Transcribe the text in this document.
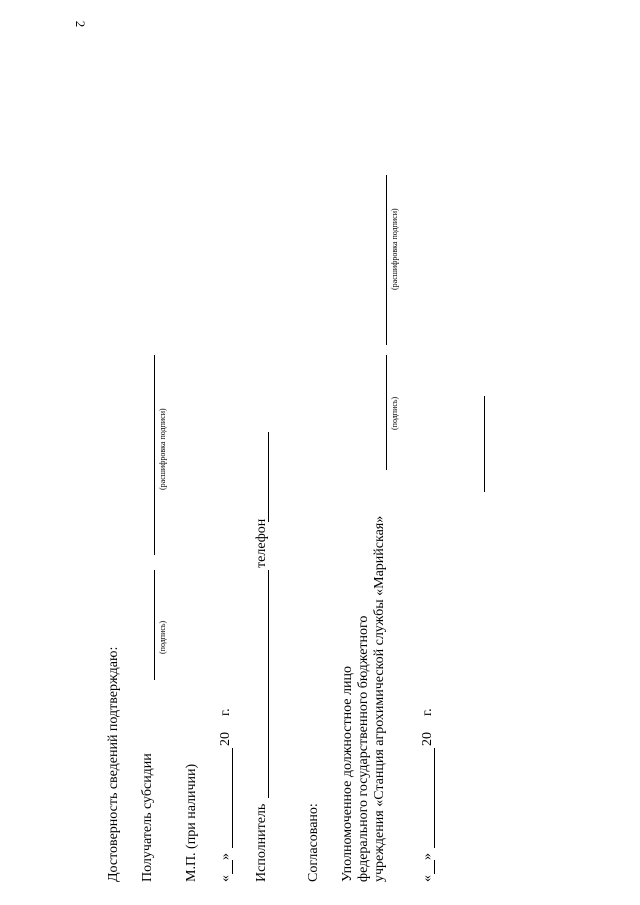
2
Достоверность сведений подтверждаю: Получатель субсидии
(подпись)
(расшифровка подписи)
М.П. (при наличии) «
»
20
г.
Исполнитель
телефон
Согласовано: Уполномоченное должностное лицо федерального государственного бюджетного учреждения «Станция агрохимической службы «Марийская»
(подпись)
(расшифровка подписи)
«
»
20
г.
